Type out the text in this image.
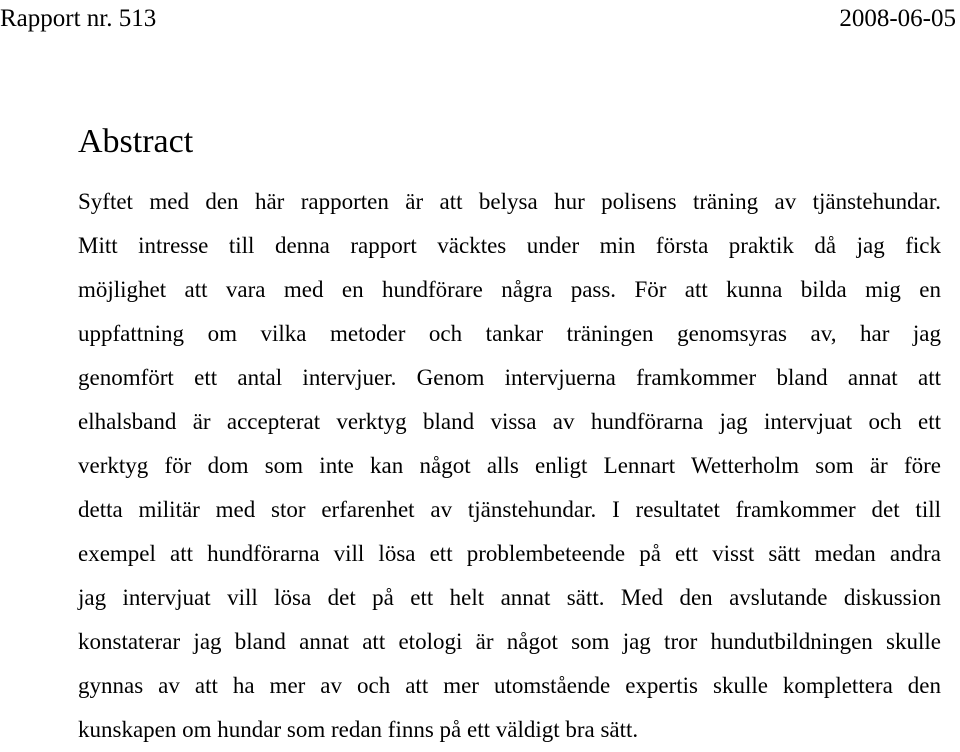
Rapport nr. 513	2008-06-05
Abstract
Syftet med den här rapporten är att belysa hur polisens träning av tjänstehundar.
Mitt intresse till denna rapport väcktes under min första praktik då jag fick
möjlighet att vara med en hundförare några pass. För att kunna bilda mig en
uppfattning om vilka metoder och tankar träningen genomsyras av, har jag
genomfört ett antal intervjuer. Genom intervjuerna framkommer bland annat att
elhalsband är accepterat verktyg bland vissa av hundförarna jag intervjuat och ett
verktyg för dom som inte kan något alls enligt Lennart Wetterholm som är före
detta militär med stor erfarenhet av tjänstehundar. I resultatet framkommer det till
exempel att hundförarna vill lösa ett problembeteende på ett visst sätt medan andra
jag intervjuat vill lösa det på ett helt annat sätt. Med den avslutande diskussion
konstaterar jag bland annat att etologi är något som jag tror hundutbildningen skulle
gynnas av att ha mer av och att mer utomstående expertis skulle komplettera den
kunskapen om hundar som redan finns på ett väldigt bra sätt.
